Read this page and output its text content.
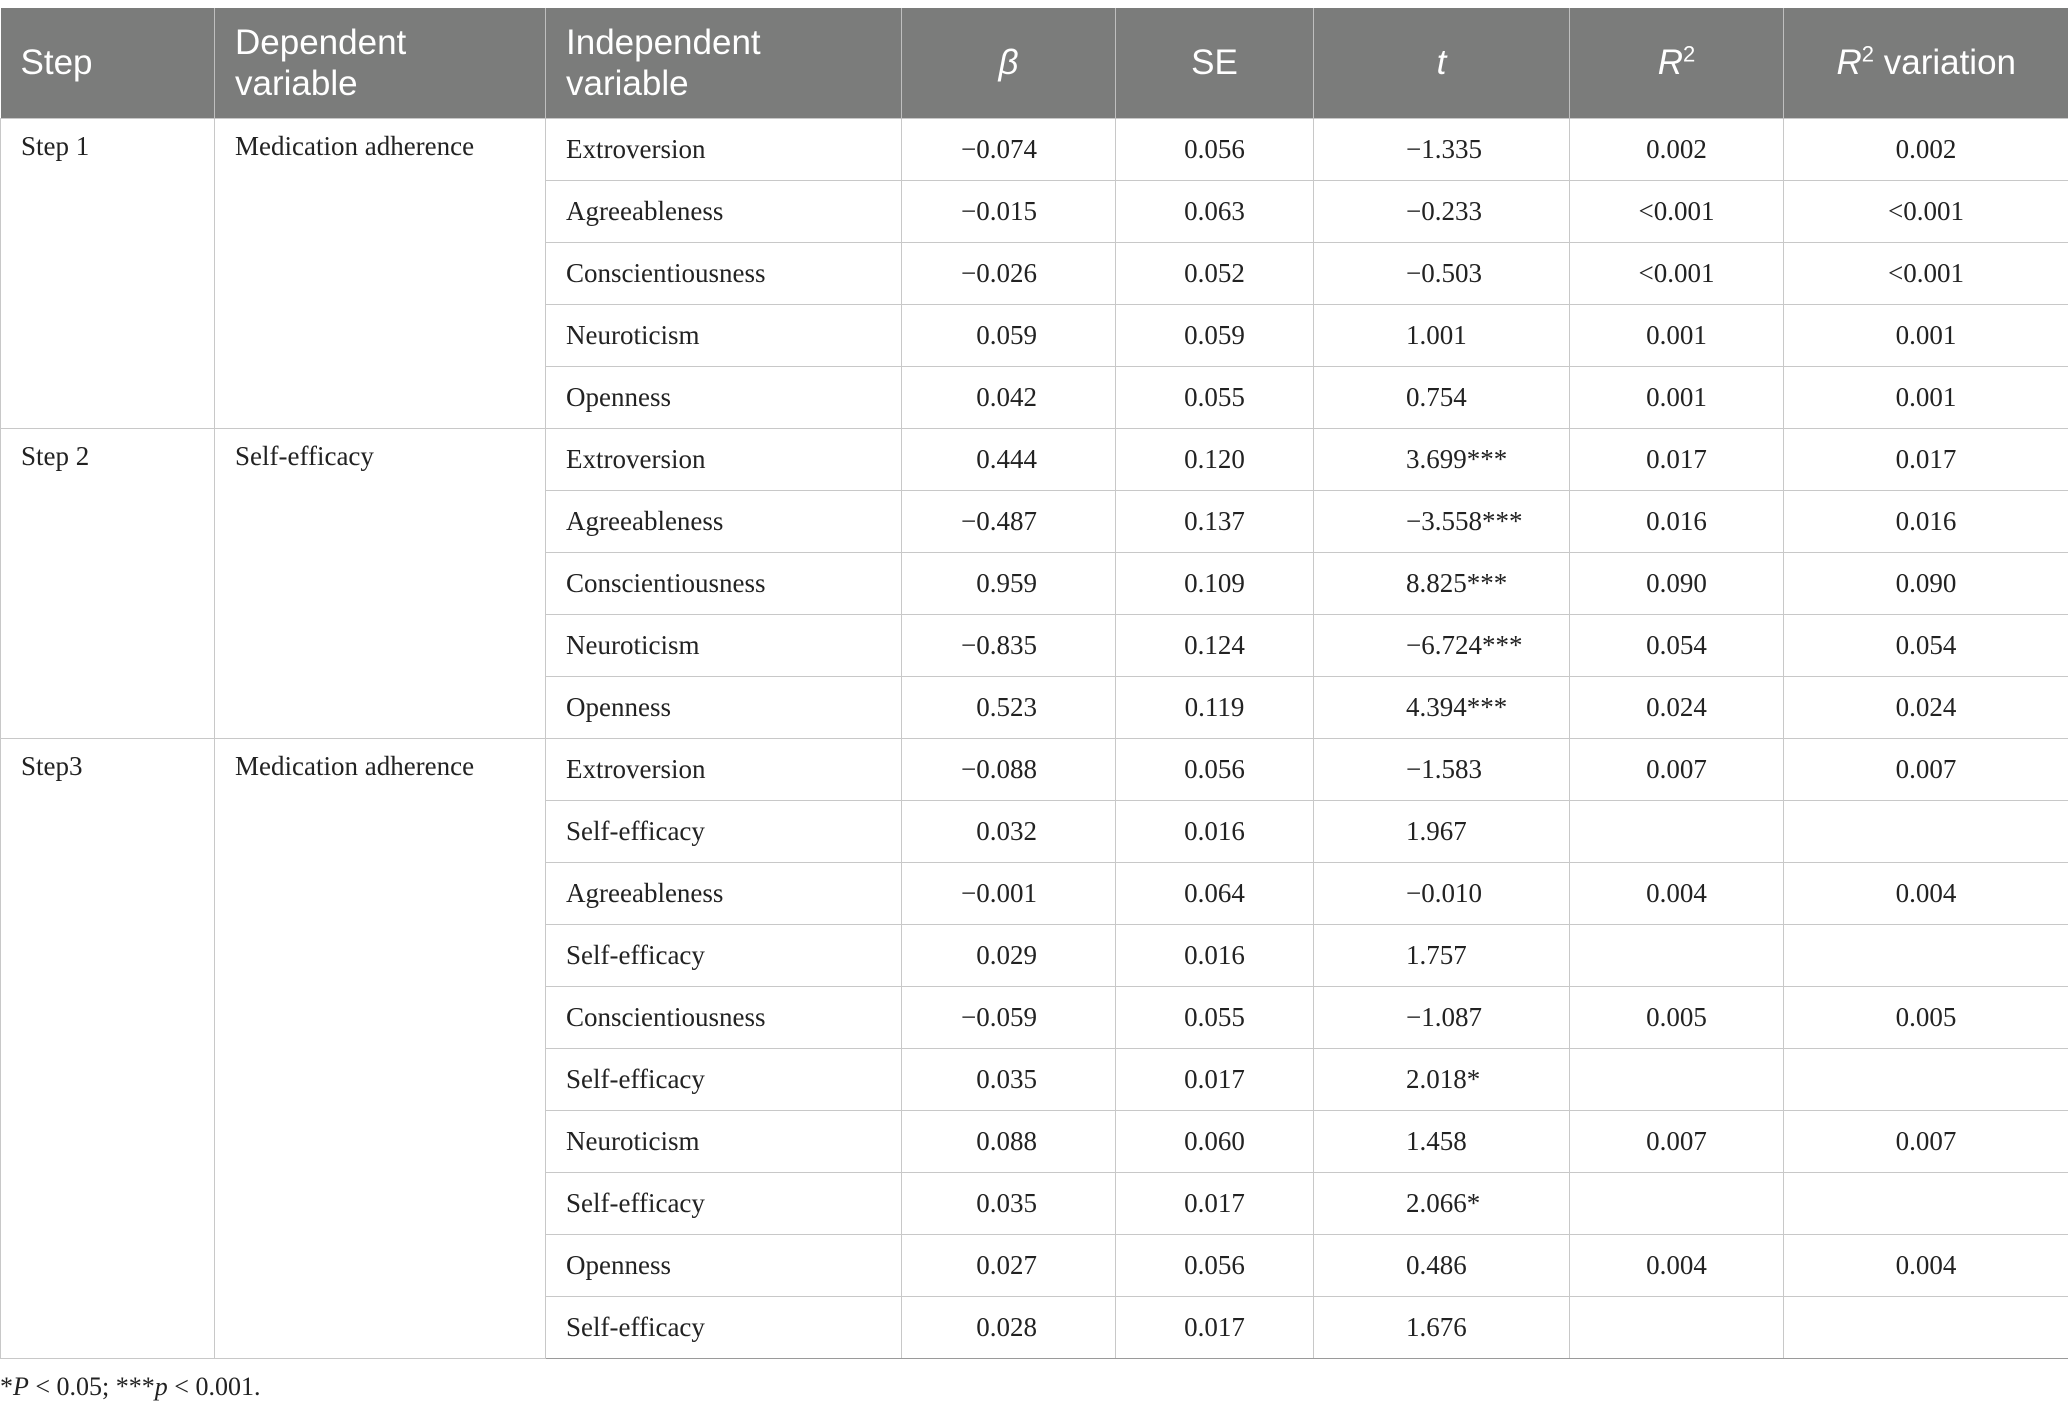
Step	Dependent variable	Independent variable	β	SE	t	$R^2$	$R^2$ variation
Step 1	Medication adherence	Extroversion	−0.074	0.056	−1.335	0.002	0.002
		Agreeableness	−0.015	0.063	−0.233	<0.001	<0.001
		Conscientiousness	−0.026	0.052	−0.503	<0.001	<0.001
		Neuroticism	0.059	0.059	1.001	0.001	0.001
		Openness	0.042	0.055	0.754	0.001	0.001
Step 2	Self-efficacy	Extroversion	0.444	0.120	3.699***	0.017	0.017
		Agreeableness	−0.487	0.137	−3.558***	0.016	0.016
		Conscientiousness	0.959	0.109	8.825***	0.090	0.090
		Neuroticism	−0.835	0.124	−6.724***	0.054	0.054
		Openness	0.523	0.119	4.394***	0.024	0.024
Step3	Medication adherence	Extroversion	−0.088	0.056	−1.583	0.007	0.007
		Self-efficacy	0.032	0.016	1.967		
		Agreeableness	−0.001	0.064	−0.010	0.004	0.004
		Self-efficacy	0.029	0.016	1.757		
		Conscientiousness	−0.059	0.055	−1.087	0.005	0.005
		Self-efficacy	0.035	0.017	2.018*		
		Neuroticism	0.088	0.060	1.458	0.007	0.007
		Self-efficacy	0.035	0.017	2.066*		
		Openness	0.027	0.056	0.486	0.004	0.004
		Self-efficacy	0.028	0.017	1.676		
*P < 0.05; ***p < 0.001.
